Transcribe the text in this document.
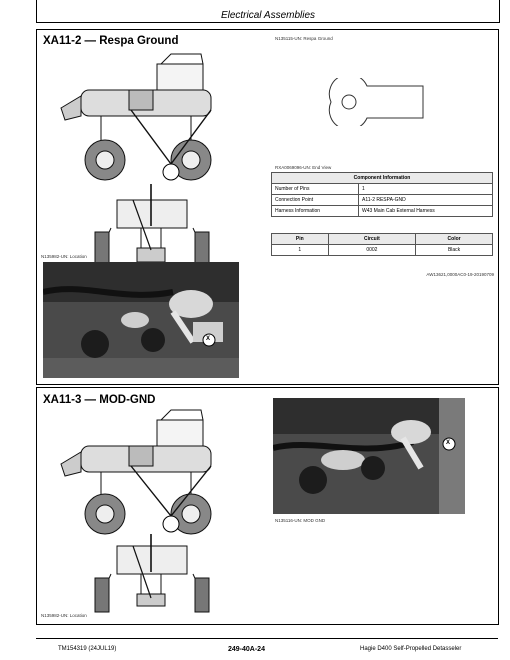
Electrical Assemblies
XA11-2 — Respa Ground
N135982-UN: Location
X
N135115-UN: Respa Ground
RXA0069096-UN: End View
Component Information	
Number of Pins	1
Connection Point	A11-2 RESPA-GND
Harness Information	W43 Main Cab External Harness
Pin	Circuit	Color
1	0002	Black
AW13621,0000AC0-19-20190709
XA11-3 — MOD-GND
N135982-UN: Location
X
N135116-UN: MOD GND
TM154319 (24JUL19)	249-40A-24	Hagie D400 Self-Propelled Detasseler
